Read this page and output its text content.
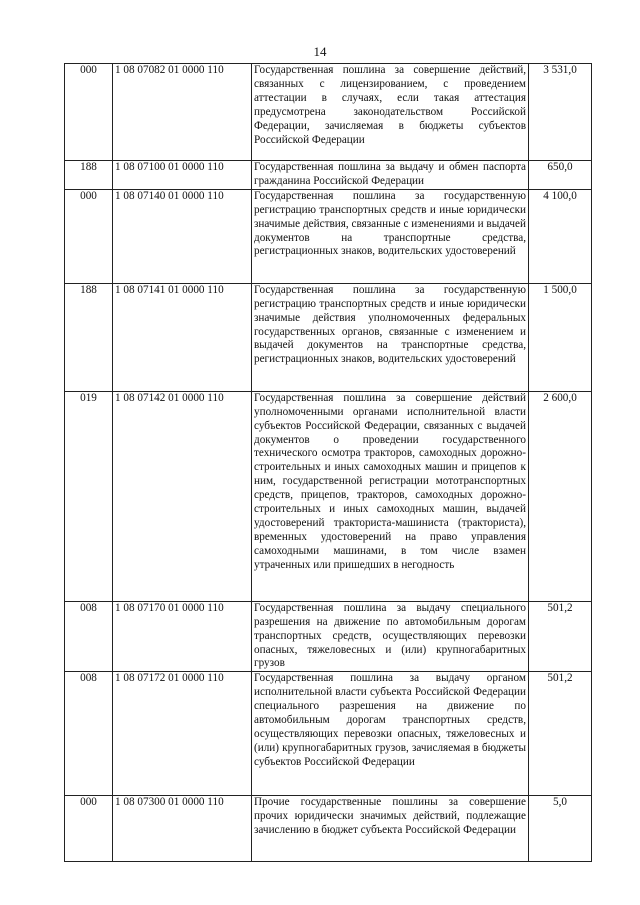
14
000	1 08 07082 01 0000 110	Государственная пошлина за совершение действий, связанных с лицензированием, с проведением аттестации в случаях, если такая аттестация предусмотрена законодательством Российской Федерации, зачисляемая в бюджеты субъектов Российской Федерации	3 531,0
188	1 08 07100 01 0000 110	Государственная пошлина за выдачу и обмен паспорта гражданина Российской Федерации	650,0
000	1 08 07140 01 0000 110	Государственная пошлина за государственную регистрацию транспортных средств и иные юридически значимые действия, связанные с изменениями и выдачей документов на транспортные средства, регистрационных знаков, водительских удостоверений	4 100,0
188	1 08 07141 01 0000 110	Государственная пошлина за государственную регистрацию транспортных средств и иные юридически значимые действия уполномоченных федеральных государственных органов, связанные с изменением и выдачей документов на транспортные средства, регистрационных знаков, водительских удостоверений	1 500,0
019	1 08 07142 01 0000 110	Государственная пошлина за совершение действий уполномоченными органами исполнительной власти субъектов Российской Федерации, связанных с выдачей документов о проведении государственного технического осмотра тракторов, самоходных дорожно-строительных и иных самоходных машин и прицепов к ним, государственной регистрации мототранспортных средств, прицепов, тракторов, самоходных дорожно-строительных и иных самоходных машин, выдачей удостоверений тракториста-машиниста (тракториста), временных удостоверений на право управления самоходными машинами, в том числе взамен утраченных или пришедших в негодность	2 600,0
008	1 08 07170 01 0000 110	Государственная пошлина за выдачу специального разрешения на движение по автомобильным дорогам транспортных средств, осуществляющих перевозки опасных, тяжеловесных и (или) крупногабаритных грузов	501,2
008	1 08 07172 01 0000 110	Государственная пошлина за выдачу органом исполнительной власти субъекта Российской Федерации специального разрешения на движение по автомобильным дорогам транспортных средств, осуществляющих перевозки опасных, тяжеловесных и (или) крупногабаритных грузов, зачисляемая в бюджеты субъектов Российской Федерации	501,2
000	1 08 07300 01 0000 110	Прочие государственные пошлины за совершение прочих юридически значимых действий, подлежащие зачислению в бюджет субъекта Российской Федерации	5,0
